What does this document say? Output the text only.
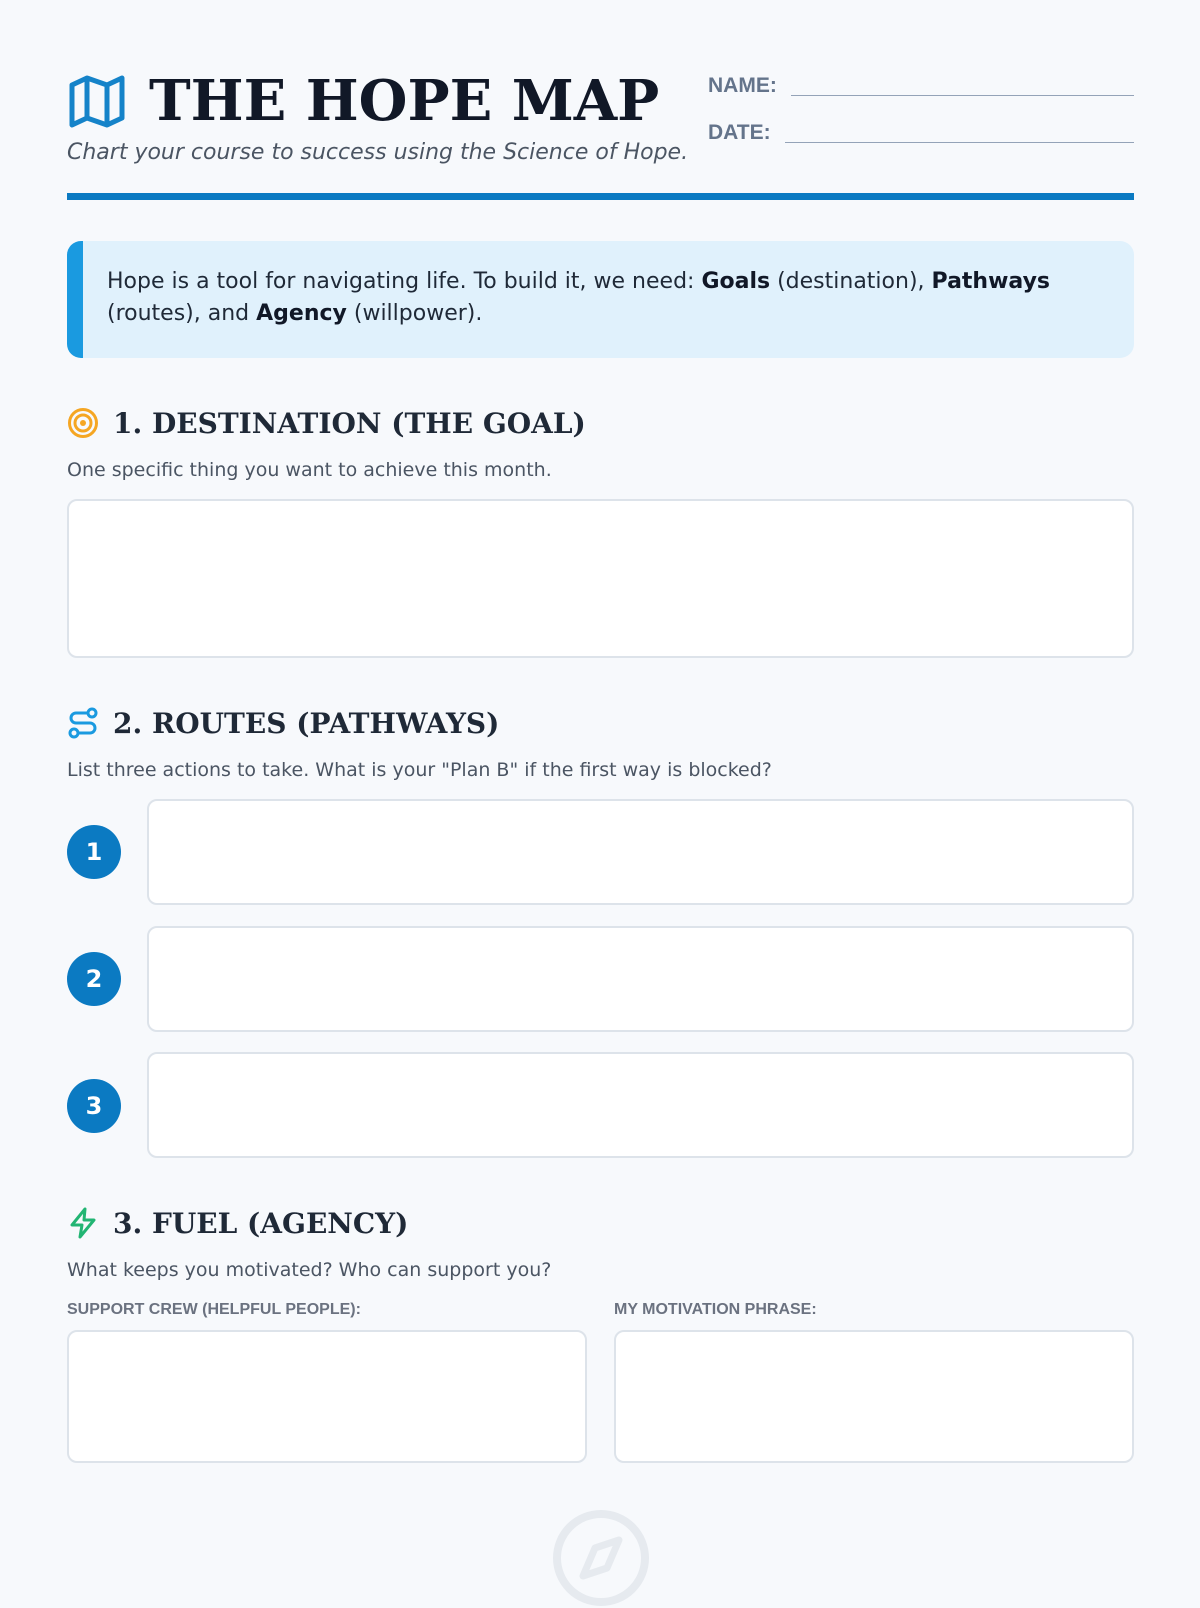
THE HOPE MAP
Chart your course to success using the Science of Hope.
NAME:
DATE:
Hope is a tool for navigating life. To build it, we need: Goals (destination), Pathways (routes), and Agency (willpower).
1. DESTINATION (THE GOAL)
One specific thing you want to achieve this month.
2. ROUTES (PATHWAYS)
List three actions to take. What is your "Plan B" if the first way is blocked?
1
2
3
3. FUEL (AGENCY)
What keeps you motivated? Who can support you?
SUPPORT CREW (HELPFUL PEOPLE):	MY MOTIVATION PHRASE:
